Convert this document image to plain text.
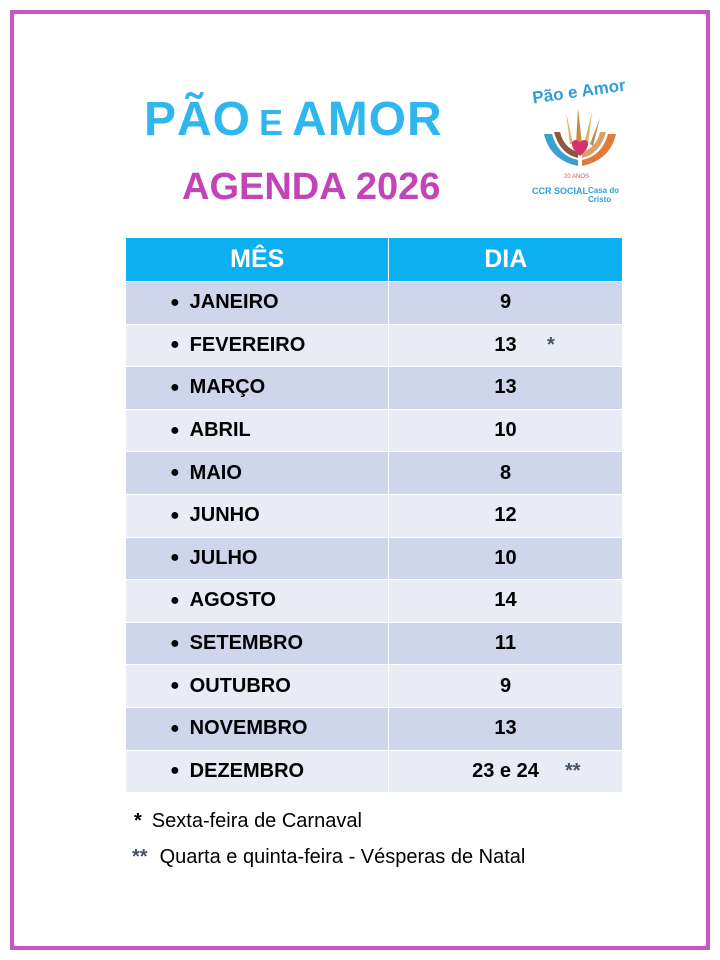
PÃO E AMOR
AGENDA 2026
Pão e Amor
20 ANOS
CCR SOCIAL Casa do Cristo
MÊS	DIA
● JANEIRO	9
● FEVEREIRO	13 *
● MARÇO	13
● ABRIL	10
● MAIO	8
● JUNHO	12
● JULHO	10
● AGOSTO	14
● SETEMBRO	11
● OUTUBRO	9
● NOVEMBRO	13
● DEZEMBRO	23 e 24 **
* Sexta-feira de Carnaval
** Quarta e quinta-feira - Vésperas de Natal
